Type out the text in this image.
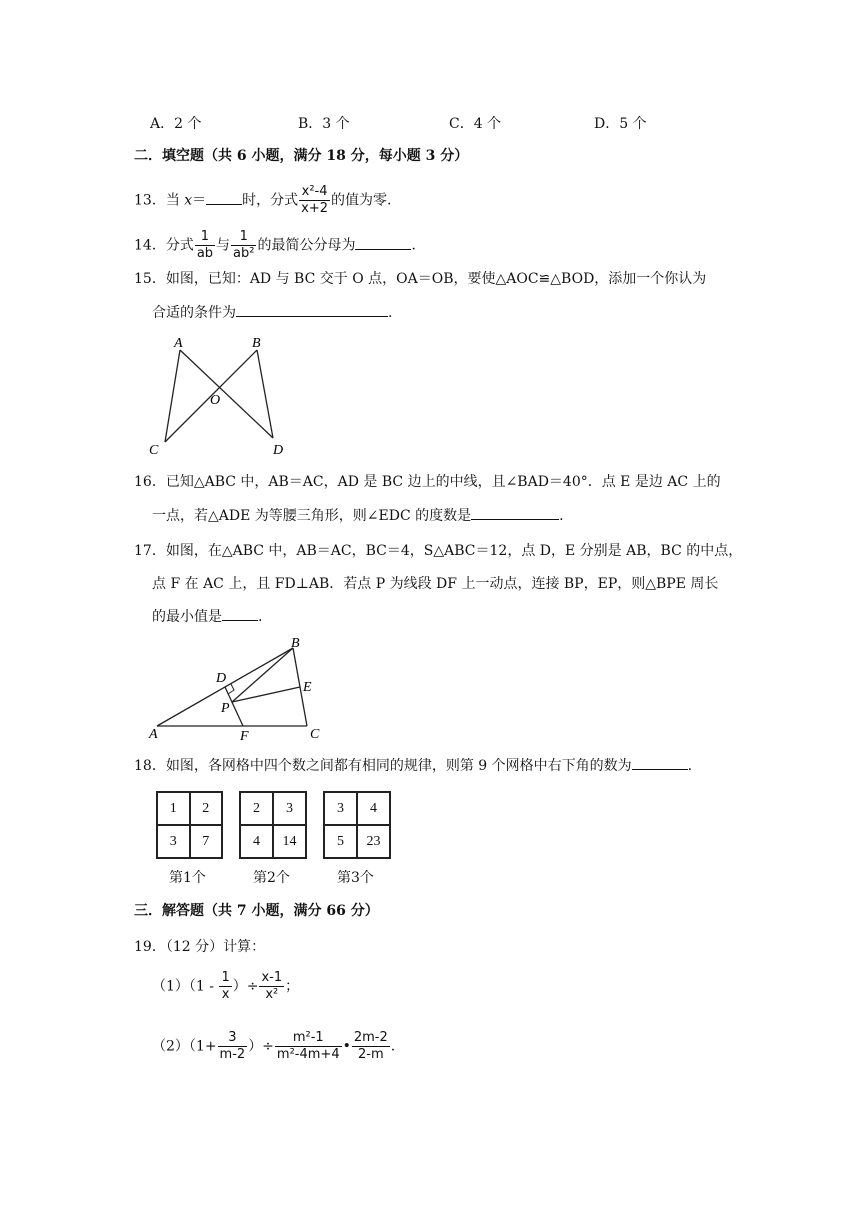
A．2 个	B．3 个	C．4 个	D．5 个
二．填空题（共 6 小题，满分 18 分，每小题 3 分）
13．当 x＝	时，分式 $\frac{\text{x²-4}}{x+2}$ 的值为零.
14．分式 $\frac{1}{ab}$ 与 $\frac{1}{\text{ab²}}$ 的最简公分母为	.
15．如图，已知：AD 与 BC 交于 O 点，OA＝OB，要使△AOC≌△BOD，添加一个你认为
合适的条件为	.
A	B
O
C	D
16．已知△ABC 中，AB＝AC，AD 是 BC 边上的中线，且∠BAD＝40°．点 E 是边 AC 上的
一点，若△ADE 为等腰三角形，则∠EDC 的度数是	.
17．如图，在△ABC 中，AB＝AC，BC＝4，S△ABC＝12，点 D，E 分别是 AB，BC 的中点，
点 F 在 AC 上，且 FD⊥AB．若点 P 为线段 DF 上一动点，连接 BP，EP，则△BPE 周长
的最小值是	.
D
B
E
P
A	F	C
18．如图，各网格中四个数之间都有相同的规律，则第 9 个网格中右下角的数为	.
1	2
3	7
第1个
2	3
4	14
第2个
3	4
5	23
第3个
三．解答题（共 7 小题，满分 66 分）
19．（12 分）计算：
$(1)(1 - \frac{1}{x}$ ）÷ $\frac{x-1}{\text{x²}}$ ；
$(2)(1+ \frac{3}{m-2}$ ）÷ $\frac{\text{m²-1}}{\text{m²-4m+4}}$ • $\frac{2m-2}{2-m}$ .
